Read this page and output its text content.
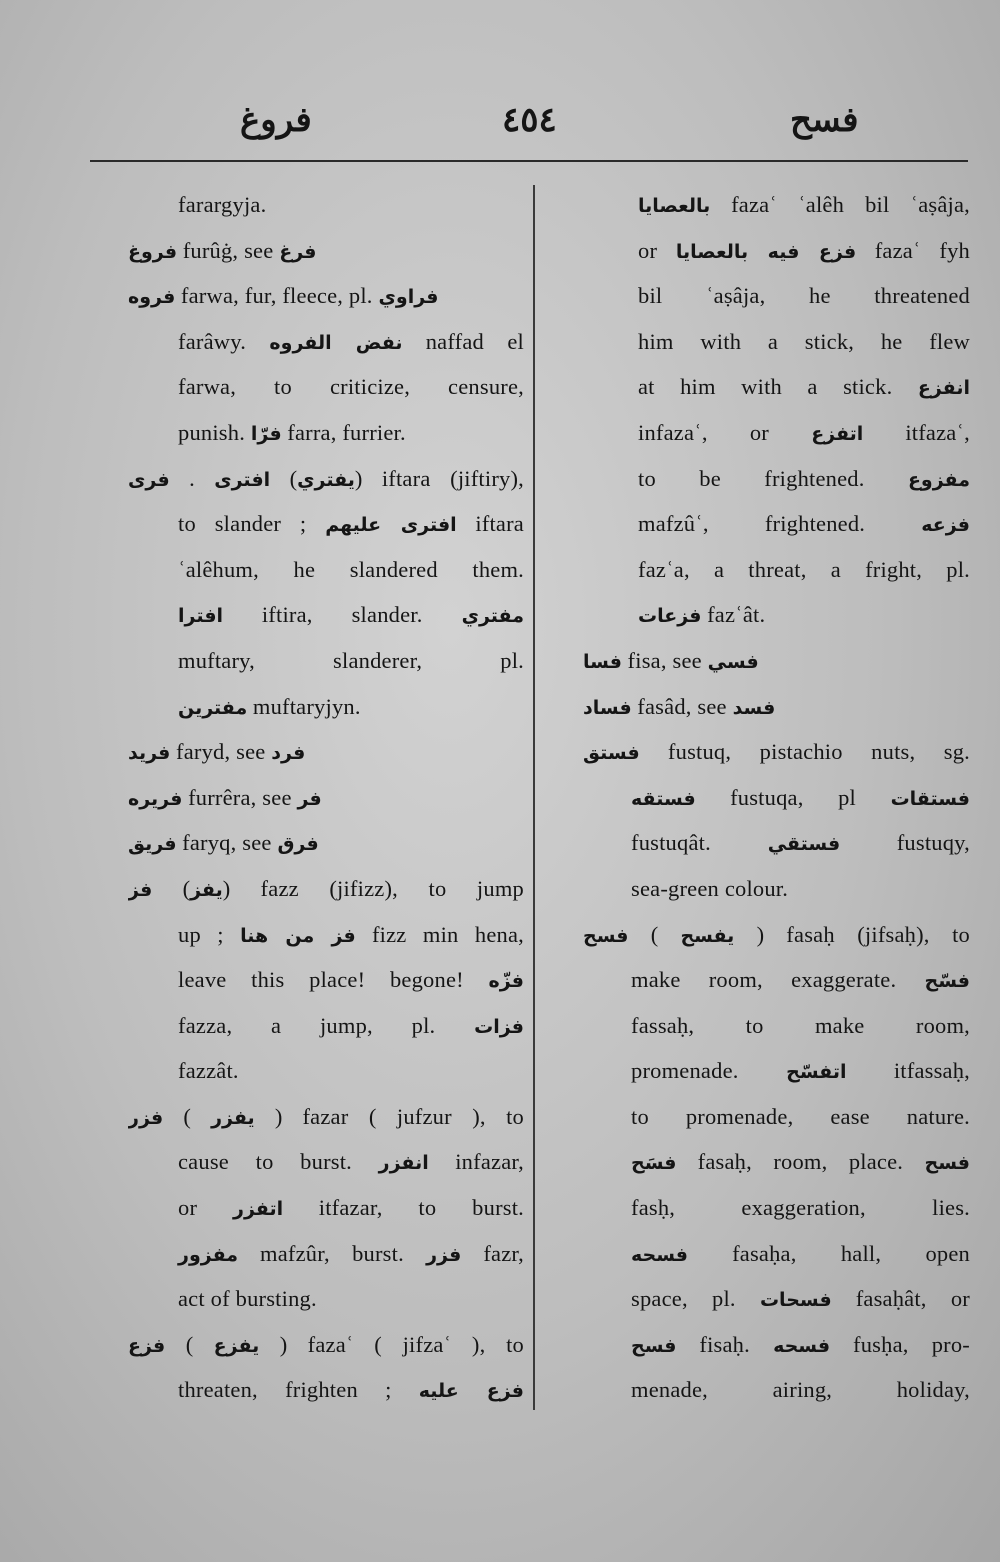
فروغ	٤٥٤	فسح
farargyja.
فروغ furûġ, see فرغ
فروه farwa, fur, fleece, pl. فراوي
farâwy. نفض الفروه naffad el
farwa, to criticize, censure,
punish. فرّا farra, furrier.
فرى . افترى (يفتري) iftara (jiftiry),
to slander ; افترى عليهم iftara
ʿalêhum, he slandered them.
افترا iftira, slander. مفتري
muftary, slanderer, pl.
مفترين muftaryjyn.
فريد faryd, see فرد
فريره furrêra, see فر
فريق faryq, see فرق
فز (يفز) fazz (jifizz), to jump
up ; فز من هنا fizz min hena,
leave this place! begone! فزّه
fazza, a jump, pl. فزات
fazzât.
فزر ( يفزر ) fazar ( jufzur ), to
cause to burst. انفزر infazar,
or اتفزر itfazar, to burst.
مفزور mafzûr, burst. فزر fazr,
act of bursting.
فزع ( يفزع ) fazaʿ ( jifzaʿ ), to
threaten, frighten ; فزع عليه
بالعصايا fazaʿ ʿalêh bil ʿaṣâja,
or فزع فيه بالعصايا fazaʿ fyh
bil ʿaṣâja, he threatened
him with a stick, he flew
at him with a stick. انفزع
infazaʿ, or اتفزع itfazaʿ,
to be frightened. مفزوع
mafzûʿ, frightened. فزعه
fazʿa, a threat, a fright, pl.
فزعات fazʿât.
فسا fisa, see فسي
فساد fasâd, see فسد
فستق fustuq, pistachio nuts, sg.
فستقه fustuqa, pl فستقات
fustuqât. فستقي fustuqy,
sea-green colour.
فسح ( يفسح ) fasaḥ (jifsaḥ), to
make room, exaggerate. فسّح
fassaḥ, to make room,
promenade. اتفسّح itfassaḥ,
to promenade, ease nature.
فسَح fasaḥ, room, place. فسح
fasḥ, exaggeration, lies.
فسحه fasaḥa, hall, open
space, pl. فسحات fasaḥât, or
فسح fisaḥ. فسحه fusḥa, pro-
menade, airing, holiday,
